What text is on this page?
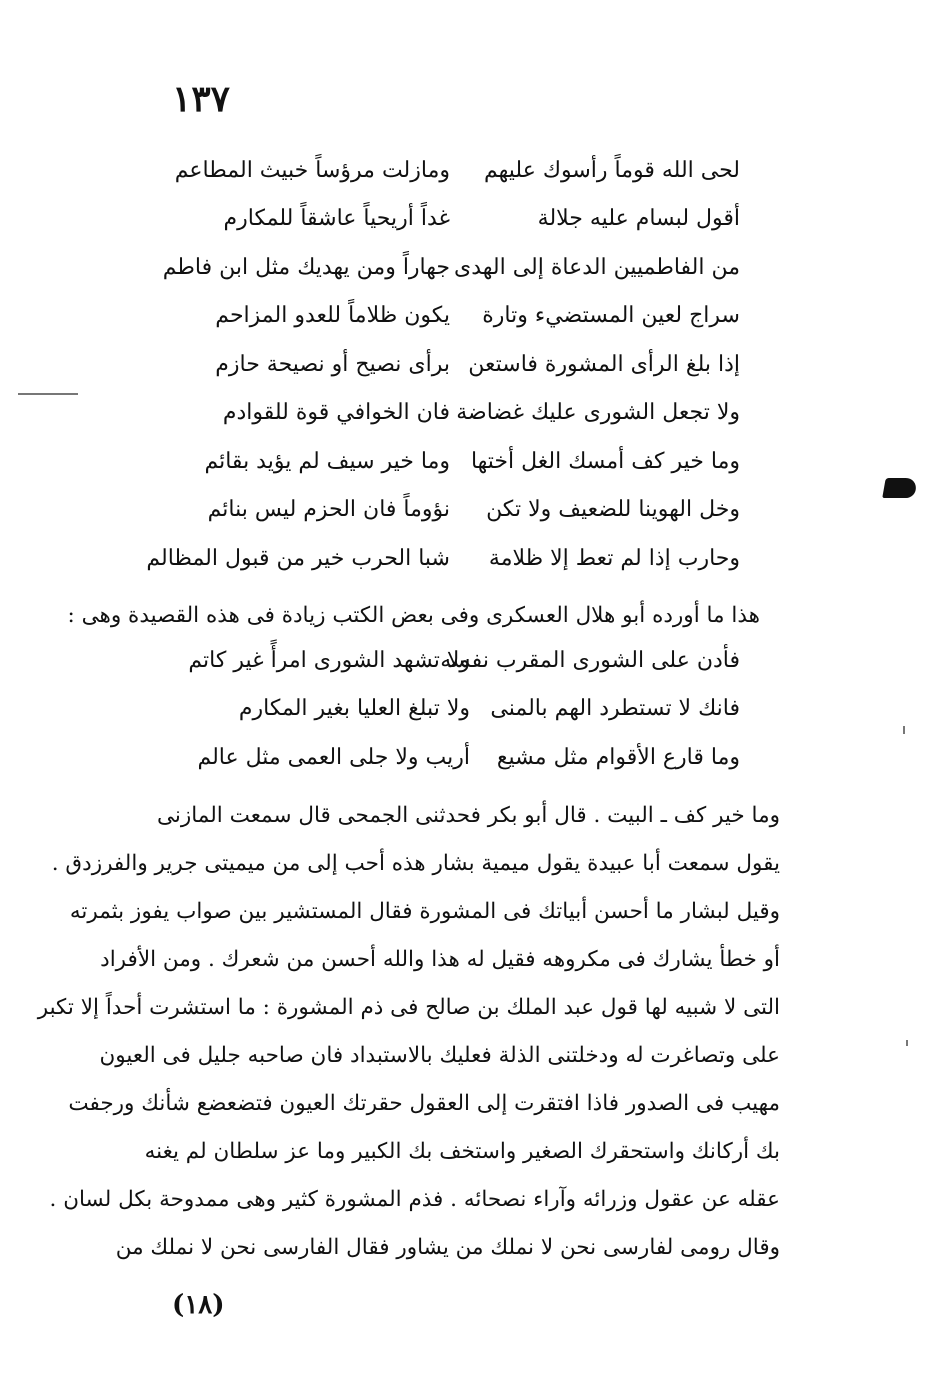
١٣٧
لحى الله قوماً رأسوك عليهم
ومازلت مرؤساً خبيث المطاعم
أقول لبسام عليه جلالة
غداً أريحياً عاشقاً للمكارم
من الفاطميين الدعاة إلى الهدى
جهاراً ومن يهديك مثل ابن فاطم
سراج لعين المستضيء وتارة
يكون ظلاماً للعدو المزاحم
إذا بلغ الرأى المشورة فاستعن
برأى نصيح أو نصيحة حازم
ولا تجعل الشورى عليك غضاضة
فان الخوافي قوة للقوادم
وما خير كف أمسك الغل أختها
وما خير سيف لم يؤيد بقائم
وخل الهوينا للضعيف ولا تكن
نؤوماً فان الحزم ليس بنائم
وحارب إذا لم تعط إلا ظلامة
شبا الحرب خير من قبول المظالم
هذا ما أورده أبو هلال العسكرى وفى بعض الكتب زيادة فى هذه القصيدة وهى :
فأدن على الشورى المقرب نفسه
ولا تشهد الشورى امرأً غير كاتم
فانك لا تستطرد الهم بالمنى
ولا تبلغ العليا بغير المكارم
وما قارع الأقوام مثل مشيع
أريب ولا جلى العمى مثل عالم
وما خير كف ـ البيت . قال أبو بكر فحدثنى الجمحى قال سمعت المازنى
يقول سمعت أبا عبيدة يقول ميمية بشار هذه أحب إلى من ميميتى جرير والفرزدق .
وقيل لبشار ما أحسن أبياتك فى المشورة فقال المستشير بين صواب يفوز بثمرته
أو خطأ يشارك فى مكروهه فقيل له هذا والله أحسن من شعرك . ومن الأفراد
التى لا شبيه لها قول عبد الملك بن صالح فى ذم المشورة : ما استشرت أحداً إلا تكبر
على وتصاغرت له ودخلتنى الذلة فعليك بالاستبداد فان صاحبه جليل فى العيون
مهيب فى الصدور فاذا افتقرت إلى العقول حقرتك العيون فتضعضع شأنك ورجفت
بك أركانك واستحقرك الصغير واستخف بك الكبير وما عز سلطان لم يغنه
عقله عن عقول وزرائه وآراء نصحائه . فذم المشورة كثير وهى ممدوحة بكل لسان .
وقال رومى لفارسى نحن لا نملك من يشاور فقال الفارسى نحن لا نملك من
(١٨)
